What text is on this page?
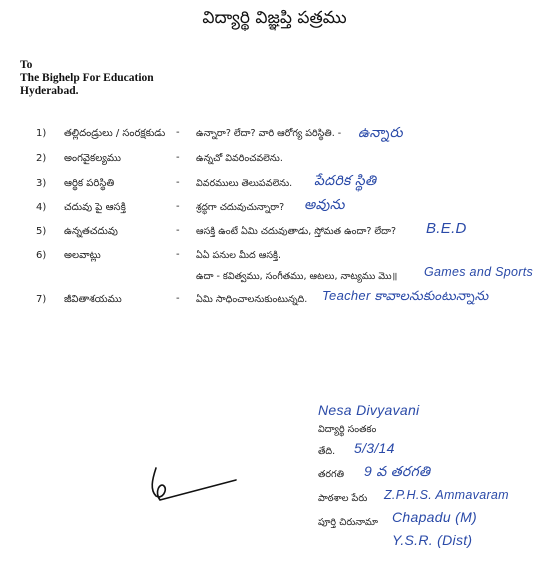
విద్యార్థి విజ్ఞప్తి పత్రము
To
The Bighelp For Education
Hyderabad.
1) తల్లిదండ్రులు / సంరక్షకుడు - ఉన్నారా? లేదా? వారి ఆరోగ్య పరిస్థితి. - ఉన్నారు
2) అంగవైకల్యము	- ఉన్నచో వివరించవలెను.
3) ఆర్థిక పరిస్థితి	- వివరములు తెలుపవలెను. పేదరిక స్థితి
4) చదువు పై ఆసక్తి	- శ్రద్ధగా చదువుచున్నారా? అవును
5) ఉన్నతచదువు	- ఆసక్తి ఉంటే ఏమి చదువుతాడు, స్తోమత ఉందా? లేదా? B.E.D
6) అలవాట్లు	- ఏఏ పనుల మీద ఆసక్తి.
ఉదా - కవిత్వము, సంగీతము, ఆటలు, నాట్యము మొ॥ Games and Sports
7) జీవితాశయము	- ఏమి సాధించాలనుకుంటున్నది. Teacher కావాలనుకుంటున్నాను
Nesa Divyavani
విద్యార్థి సంతకం
తేది. 5/3/14
తరగతి 9 వ తరగతి
పాఠశాల పేరు Z.P.H.S. Ammavaram
పూర్తి చిరునామా Chapadu (M)
Y.S.R. (Dist)
